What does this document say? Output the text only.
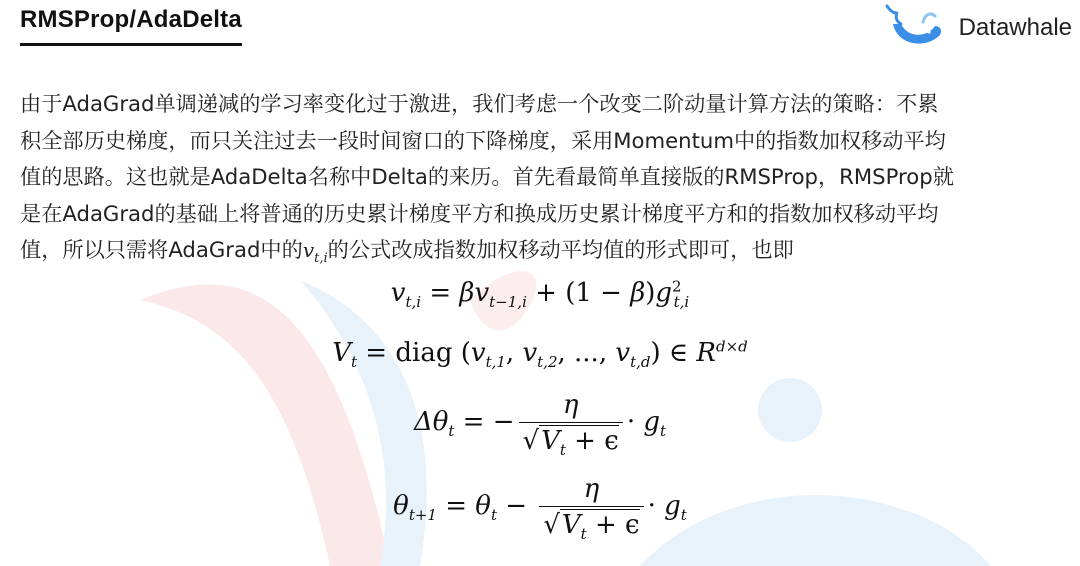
RMSProp/AdaDelta	Datawhale
由于AdaGrad单调递减的学习率变化过于激进，我们考虑一个改变二阶动量计算方法的策略：不累
积全部历史梯度，而只关注过去一段时间窗口的下降梯度，采用Momentum中的指数加权移动平均
值的思路。这也就是AdaDelta名称中Delta的来历。首先看最简单直接版的RMSProp，RMSProp就
是在AdaGrad的基础上将普通的历史累计梯度平方和换成历史累计梯度平方和的指数加权移动平均
值，所以只需将AdaGrad中的$v_{t,i}$的公式改成指数加权移动平均值的形式即可，也即
$v_{t,i} = \beta v_{t-1,i} + (1 - \beta)g^2_{t,i}$
$V_t$ = diag ($v_{t,1}$, $v_{t,2}$, ..., $v_{t,d}$) ∈ $R^{d\times d}$
$\Delta\theta_t$ = − $\frac{\eta}{√V_t + \epsilon} \cdot g_t$
$\theta_{t+1} = \theta_t - \frac{\eta}{√V_t + \epsilon} \cdot g_t$
